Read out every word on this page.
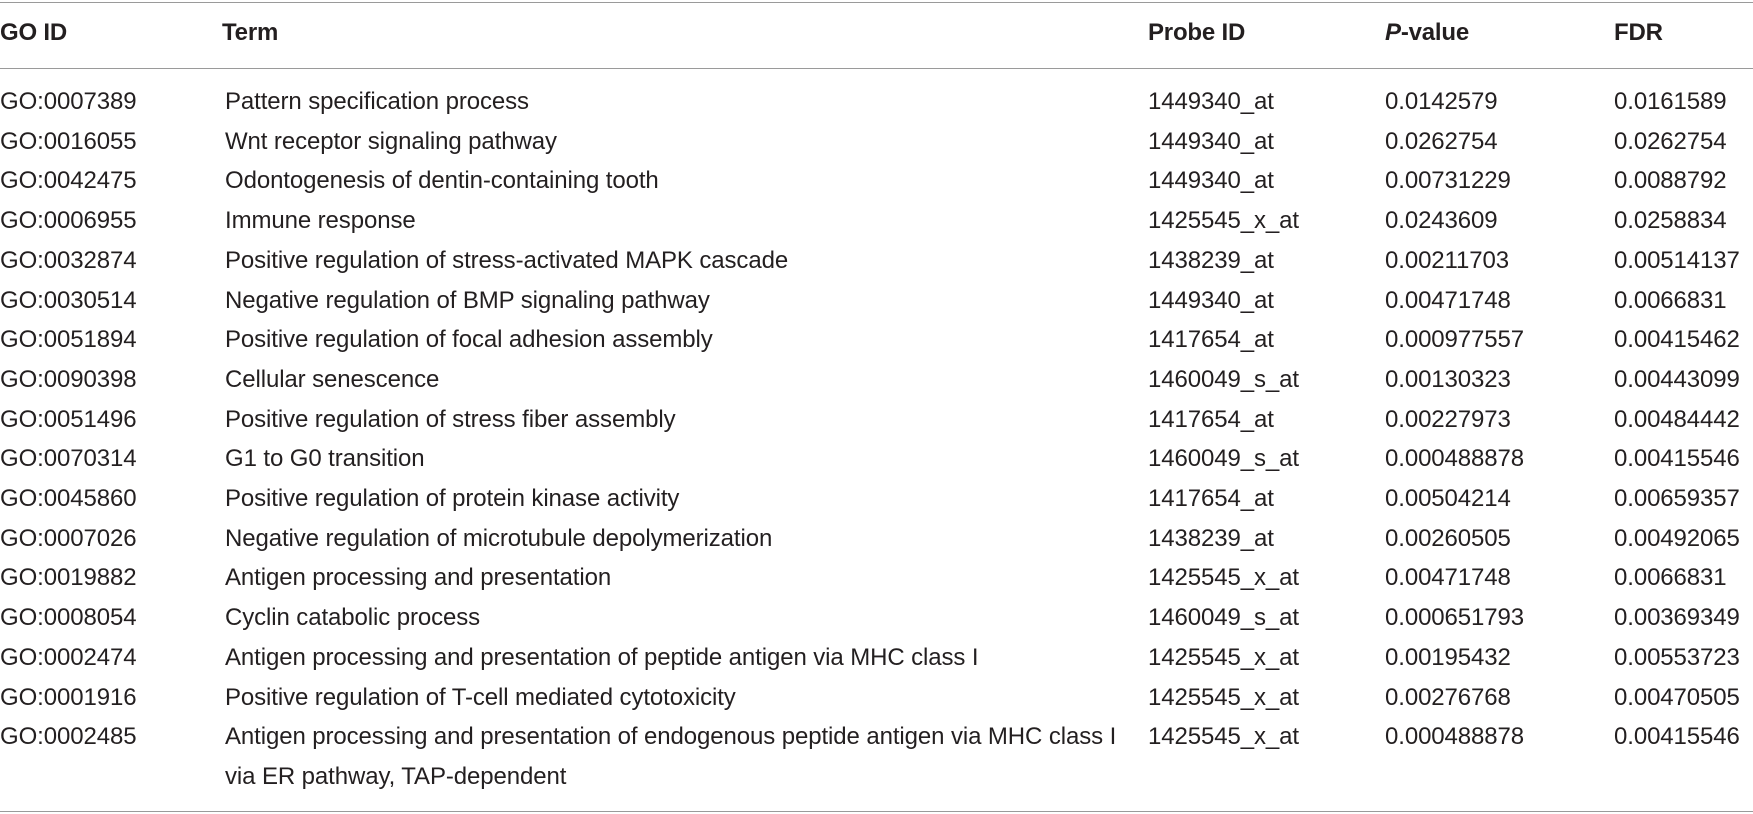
GO ID	Term	Probe ID	P-value	FDR
GO:0007389	Pattern specification process	1449340_at	0.0142579	0.0161589
GO:0016055	Wnt receptor signaling pathway	1449340_at	0.0262754	0.0262754
GO:0042475	Odontogenesis of dentin-containing tooth	1449340_at	0.00731229	0.0088792
GO:0006955	Immune response	1425545_x_at	0.0243609	0.0258834
GO:0032874	Positive regulation of stress-activated MAPK cascade	1438239_at	0.00211703	0.00514137
GO:0030514	Negative regulation of BMP signaling pathway	1449340_at	0.00471748	0.0066831
GO:0051894	Positive regulation of focal adhesion assembly	1417654_at	0.000977557	0.00415462
GO:0090398	Cellular senescence	1460049_s_at	0.00130323	0.00443099
GO:0051496	Positive regulation of stress fiber assembly	1417654_at	0.00227973	0.00484442
GO:0070314	G1 to G0 transition	1460049_s_at	0.000488878	0.00415546
GO:0045860	Positive regulation of protein kinase activity	1417654_at	0.00504214	0.00659357
GO:0007026	Negative regulation of microtubule depolymerization	1438239_at	0.00260505	0.00492065
GO:0019882	Antigen processing and presentation	1425545_x_at	0.00471748	0.0066831
GO:0008054	Cyclin catabolic process	1460049_s_at	0.000651793	0.00369349
GO:0002474	Antigen processing and presentation of peptide antigen via MHC class I	1425545_x_at	0.00195432	0.00553723
GO:0001916	Positive regulation of T-cell mediated cytotoxicity	1425545_x_at	0.00276768	0.00470505
GO:0002485	Antigen processing and presentation of endogenous peptide antigen via MHC class I via ER pathway, TAP-dependent	1425545_x_at	0.000488878	0.00415546
